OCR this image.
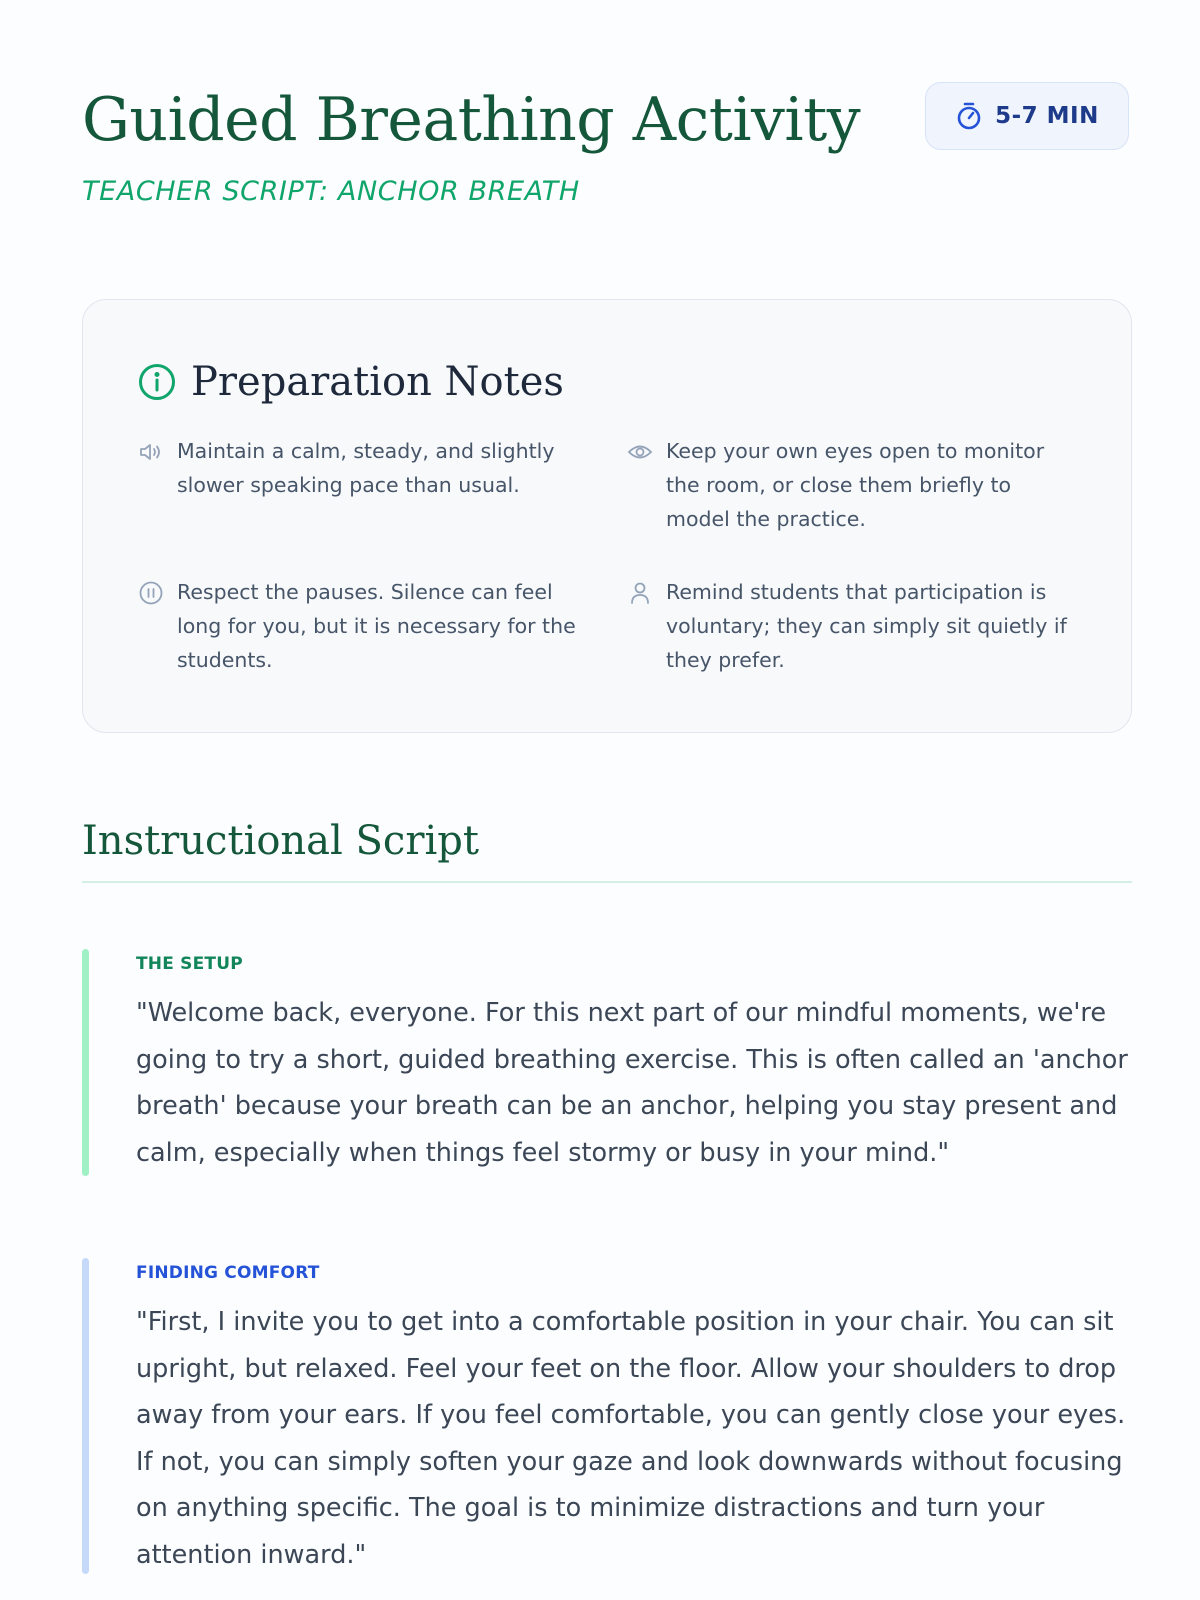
Guided Breathing Activity
TEACHER SCRIPT: ANCHOR BREATH
5-7 MIN
Preparation Notes
Maintain a calm, steady, and slightly slower speaking pace than usual.
Keep your own eyes open to monitor the room, or close them briefly to model the practice.
Respect the pauses. Silence can feel long for you, but it is necessary for the students.
Remind students that participation is voluntary; they can simply sit quietly if they prefer.
Instructional Script
THE SETUP
"Welcome back, everyone. For this next part of our mindful moments, we're going to try a short, guided breathing exercise. This is often called an 'anchor breath' because your breath can be an anchor, helping you stay present and calm, especially when things feel stormy or busy in your mind."
FINDING COMFORT
"First, I invite you to get into a comfortable position in your chair. You can sit upright, but relaxed. Feel your feet on the floor. Allow your shoulders to drop away from your ears. If you feel comfortable, you can gently close your eyes. If not, you can simply soften your gaze and look downwards without focusing on anything specific. The goal is to minimize distractions and turn your attention inward."
